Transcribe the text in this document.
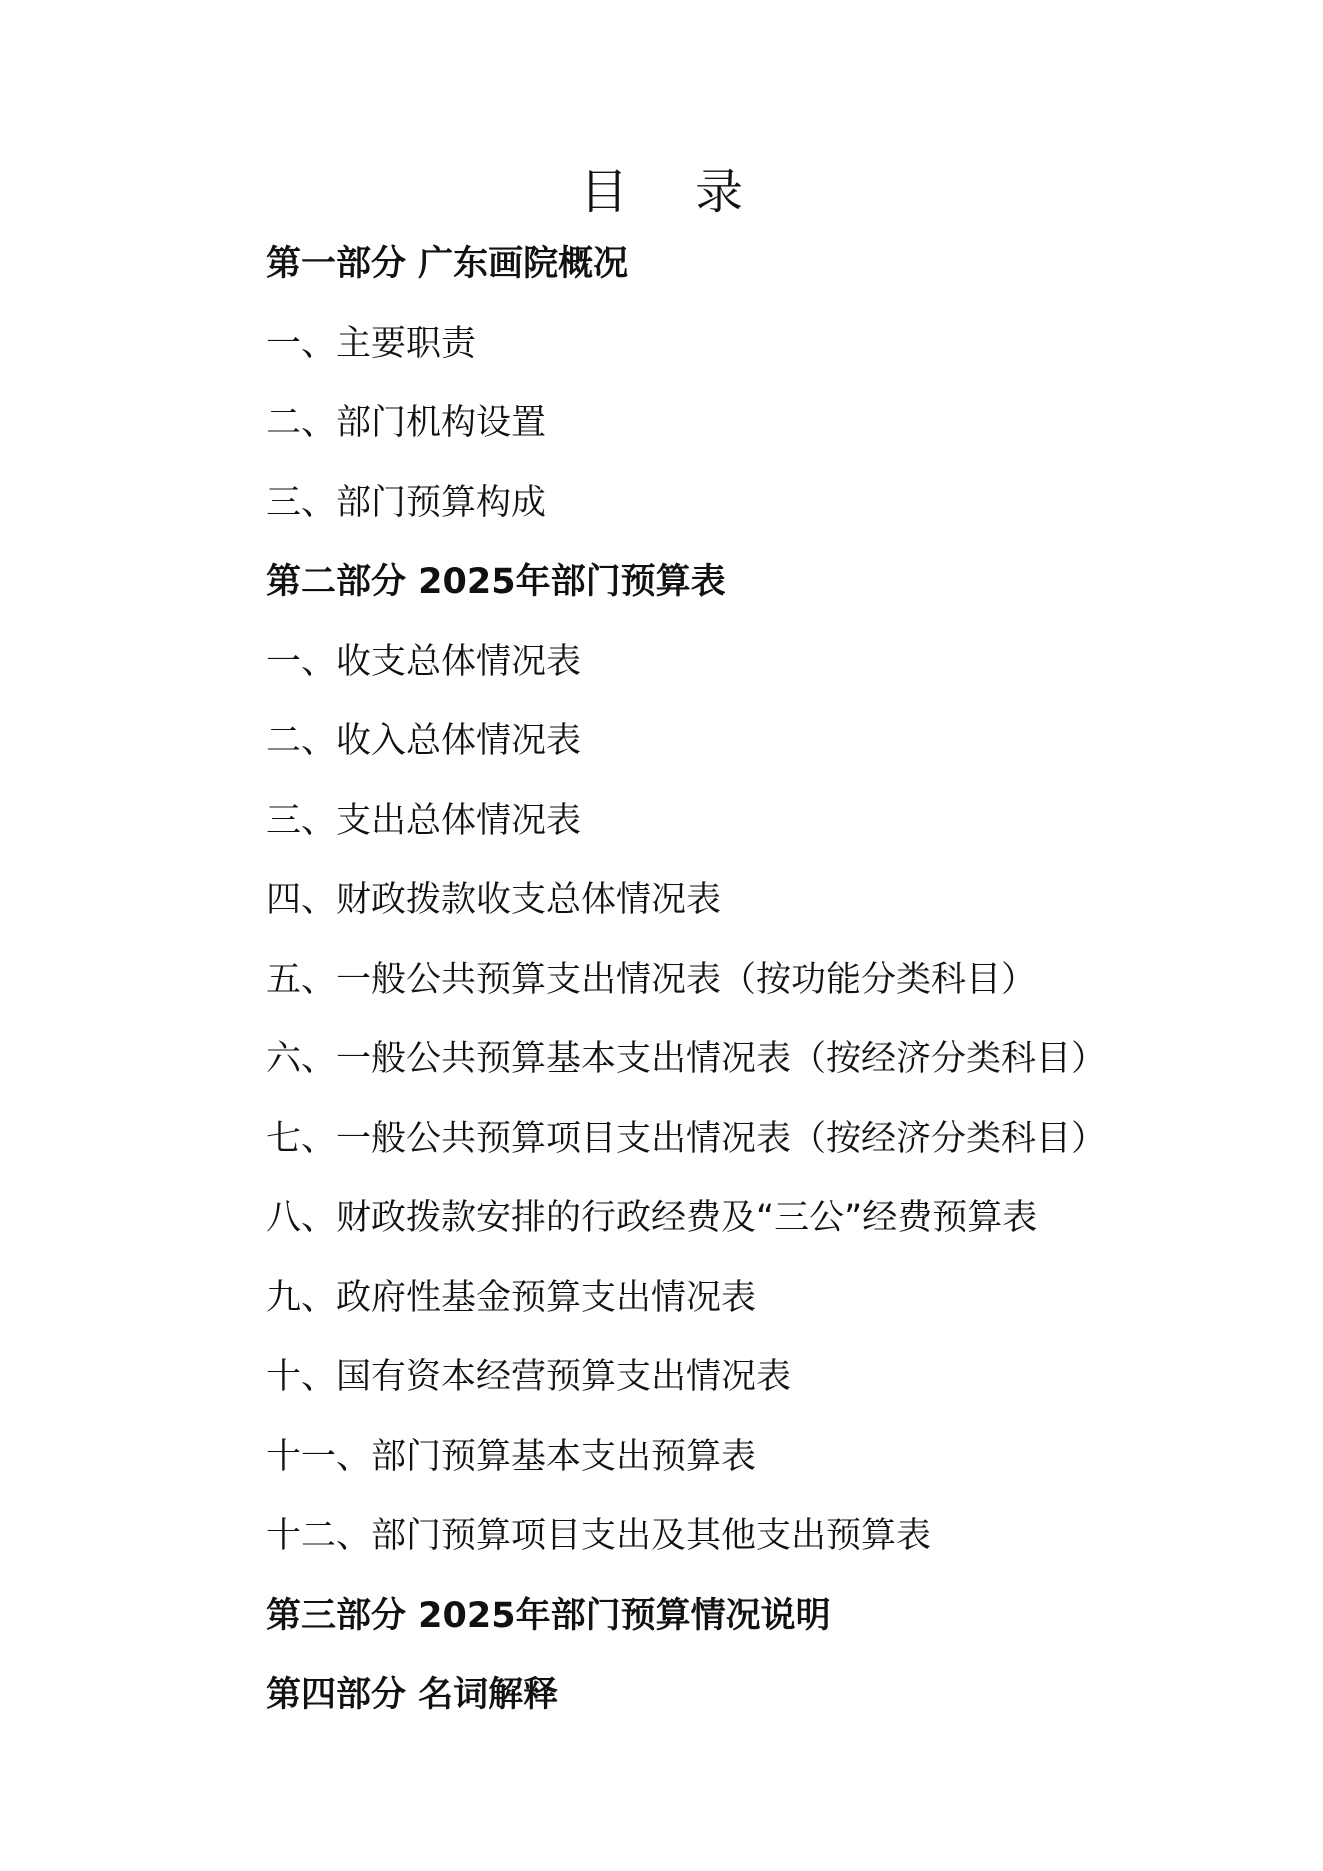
目 录
第一部分 广东画院概况
一、主要职责
二、部门机构设置
三、部门预算构成
第二部分 2025年部门预算表
一、收支总体情况表
二、收入总体情况表
三、支出总体情况表
四、财政拨款收支总体情况表
五、一般公共预算支出情况表（按功能分类科目）
六、一般公共预算基本支出情况表（按经济分类科目）
七、一般公共预算项目支出情况表（按经济分类科目）
八、财政拨款安排的行政经费及“三公”经费预算表
九、政府性基金预算支出情况表
十、国有资本经营预算支出情况表
十一、部门预算基本支出预算表
十二、部门预算项目支出及其他支出预算表
第三部分 2025年部门预算情况说明
第四部分 名词解释
